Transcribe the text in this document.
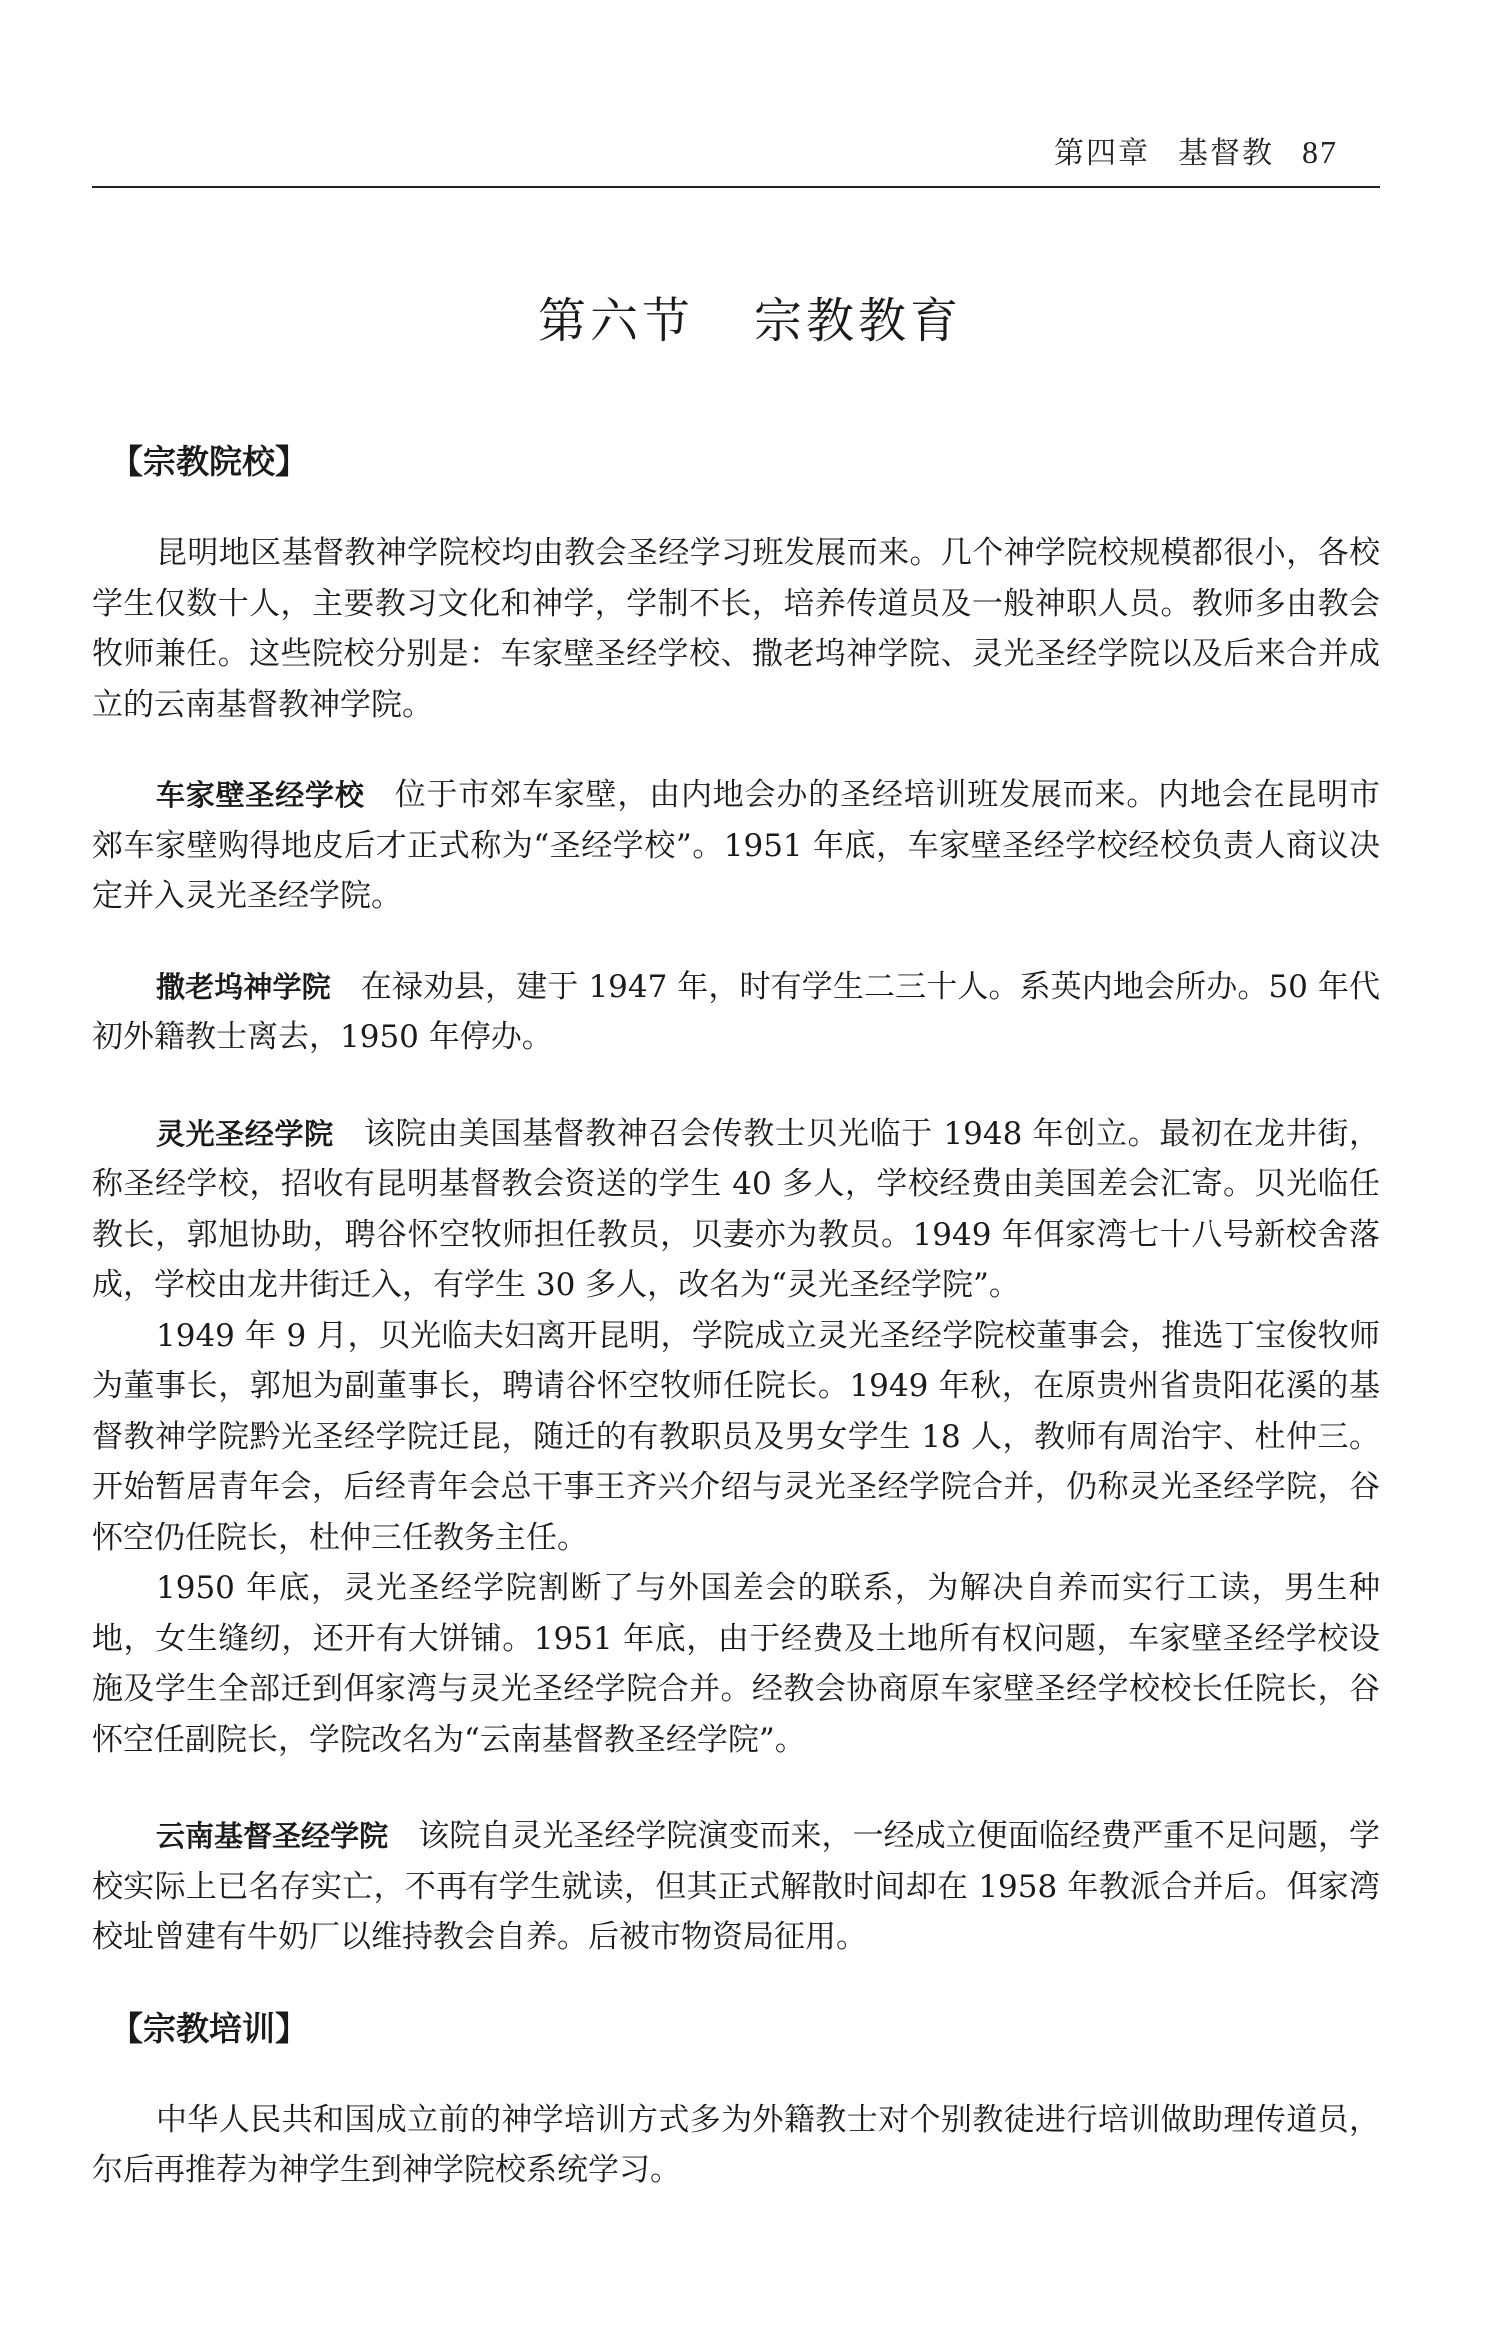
第四章 基督教 87
第六节 宗教教育
【宗教院校】

昆明地区基督教神学院校均由教会圣经学习班发展而来。几个神学院校规模都很小，各校学生仅数十人，主要教习文化和神学，学制不长，培养传道员及一般神职人员。教师多由教会牧师兼任。这些院校分别是：车家壁圣经学校、撒老坞神学院、灵光圣经学院以及后来合并成立的云南基督教神学院。

车家壁圣经学校 位于市郊车家壁，由内地会办的圣经培训班发展而来。内地会在昆明市郊车家壁购得地皮后才正式称为“圣经学校”。1951 年底，车家壁圣经学校经校负责人商议决定并入灵光圣经学院。

撒老坞神学院 在禄劝县，建于 1947 年，时有学生二三十人。系英内地会所办。50 年代初外籍教士离去，1950 年停办。

灵光圣经学院 该院由美国基督教神召会传教士贝光临于 1948 年创立。最初在龙井街，称圣经学校，招收有昆明基督教会资送的学生 40 多人，学校经费由美国差会汇寄。贝光临任教长，郭旭协助，聘谷怀空牧师担任教员，贝妻亦为教员。1949 年佴家湾七十八号新校舍落成，学校由龙井街迁入，有学生 30 多人，改名为“灵光圣经学院”。

1949 年 9 月，贝光临夫妇离开昆明，学院成立灵光圣经学院校董事会，推选丁宝俊牧师为董事长，郭旭为副董事长，聘请谷怀空牧师任院长。1949 年秋，在原贵州省贵阳花溪的基督教神学院黔光圣经学院迁昆，随迁的有教职员及男女学生 18 人，教师有周治宇、杜仲三。开始暂居青年会，后经青年会总干事王齐兴介绍与灵光圣经学院合并，仍称灵光圣经学院，谷怀空仍任院长，杜仲三任教务主任。

1950 年底，灵光圣经学院割断了与外国差会的联系，为解决自养而实行工读，男生种地，女生缝纫，还开有大饼铺。1951 年底，由于经费及土地所有权问题，车家壁圣经学校设施及学生全部迁到佴家湾与灵光圣经学院合并。经教会协商原车家壁圣经学校校长任院长，谷怀空任副院长，学院改名为“云南基督教圣经学院”。

云南基督圣经学院 该院自灵光圣经学院演变而来，一经成立便面临经费严重不足问题，学校实际上已名存实亡，不再有学生就读，但其正式解散时间却在 1958 年教派合并后。佴家湾校址曾建有牛奶厂以维持教会自养。后被市物资局征用。

【宗教培训】

中华人民共和国成立前的神学培训方式多为外籍教士对个别教徒进行培训做助理传道员，尔后再推荐为神学生到神学院校系统学习。
